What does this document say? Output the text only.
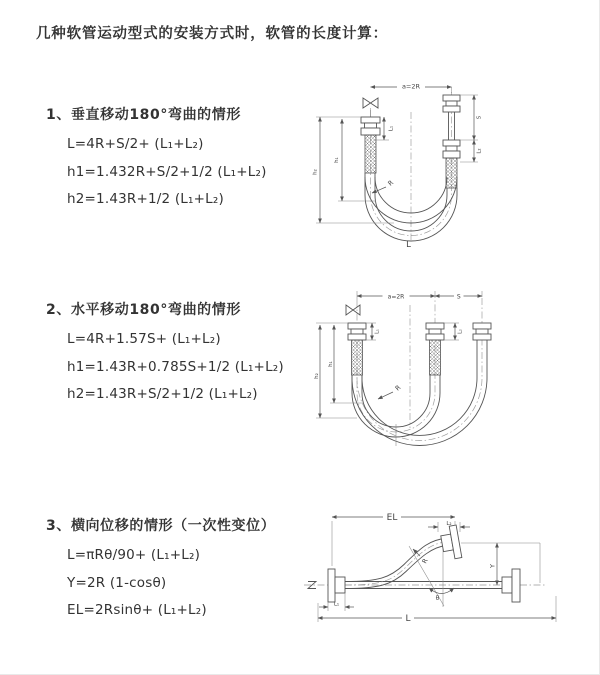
几种软管运动型式的安装方式时，软管的长度计算：
1、垂直移动180°弯曲的情形

L=4R+S/2+ (L₁+L₂)

h1=1.432R+S/2+1/2 (L₁+L₂)

h2=1.43R+1/2 (L₁+L₂)

2、水平移动180°弯曲的情形

L=4R+1.57S+ (L₁+L₂)

h1=1.43R+0.785S+1/2 (L₁+L₂)

h2=1.43R+S/2+1/2 (L₁+L₂)

3、横向位移的情形（一次性变位）

L=πRθ/90+ (L₁+L₂)

Y=2R (1-cosθ)

EL=2Rsinθ+ (L₁+L₂)

a=2R
L₁
h₁
h₂
S
L₂
R
L
a=2R	S
L₁	L₂
h₁
h₂
R
EL
L₂
Y
R
θ
L
L₁
